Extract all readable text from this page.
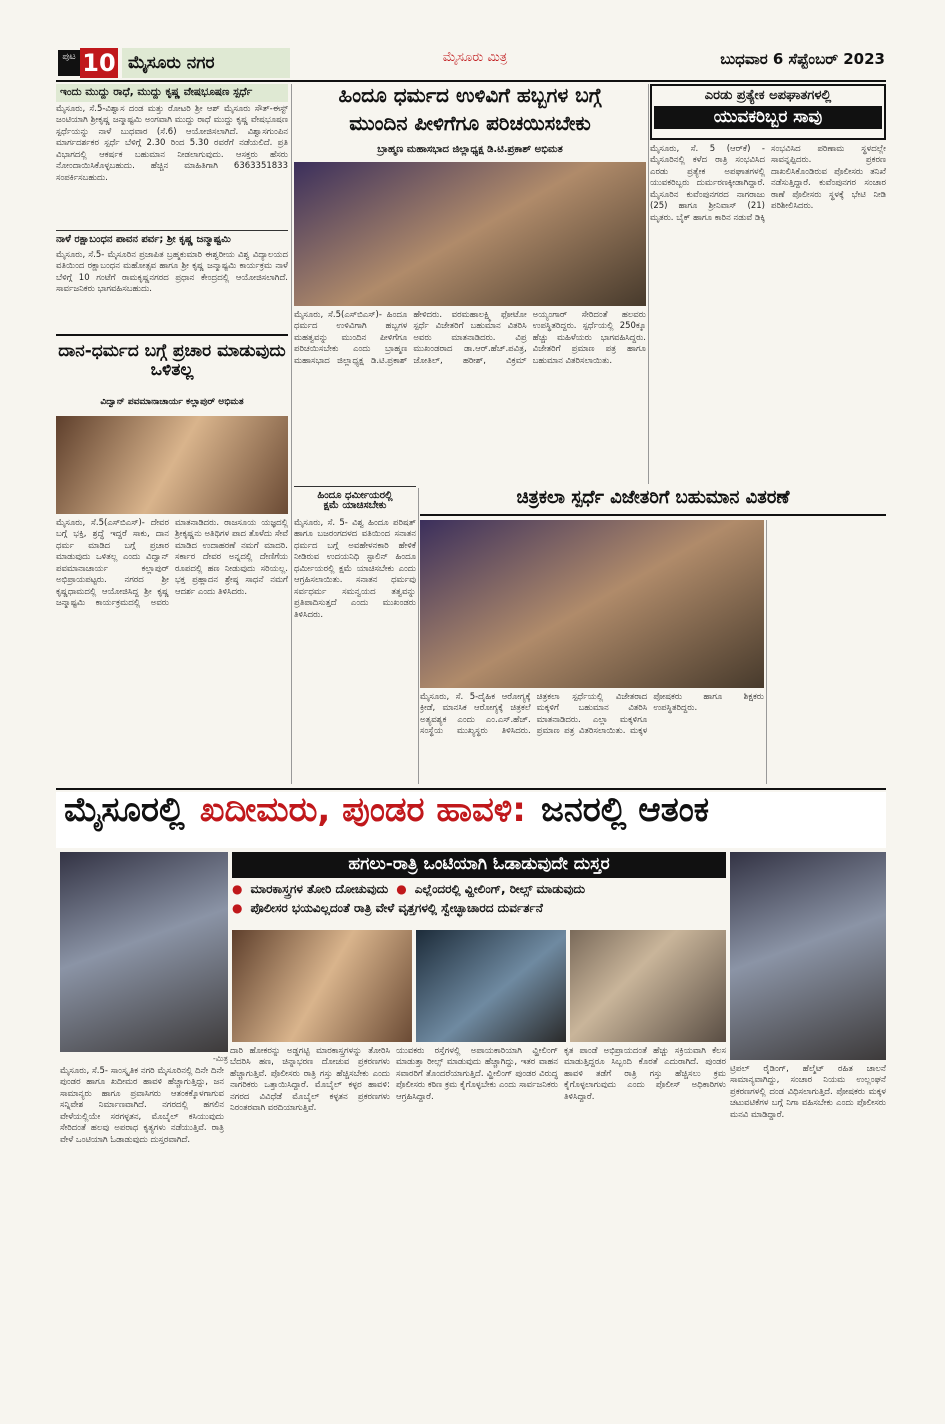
ಪುಟ 10 ಮೈಸೂರು ನಗರ	ಮೈಸೂರು ಮಿತ್ರ	ಬುಧವಾರ 6 ಸೆಪ್ಟೆಂಬರ್ 2023
ಇಂದು ಮುದ್ದು ರಾಧೆ, ಮುದ್ದು ಕೃಷ್ಣ ವೇಷಭೂಷಣ ಸ್ಪರ್ಧೆ
ಮೈಸೂರು, ಸೆ.5-ವಿಶ್ವಾಸ ದಂಡ ಮತ್ತು ರೋಟರಿ ಶ್ರೀ ಆಶ್ ಮೈಸೂರು ಸೌತ್-ಈಸ್ಟ್ ಜಂಟಿಯಾಗಿ ಶ್ರೀಕೃಷ್ಣ ಜನ್ಮಾಷ್ಟಮಿ ಅಂಗವಾಗಿ ಮುದ್ದು ರಾಧೆ ಮುದ್ದು ಕೃಷ್ಣ ವೇಷಭೂಷಣ ಸ್ಪರ್ಧೆಯನ್ನು ನಾಳೆ ಬುಧವಾರ (ಸೆ.6) ಆಯೋಜಿಸಲಾಗಿದೆ. ವಿಶ್ವಾಸಗುಂಪಿನ ಮಾರ್ಗದರ್ಶಕರ ಸ್ಪರ್ಧೆ ಬೆಳಿಗ್ಗೆ 2.30 ರಿಂದ 5.30 ರವರೆಗೆ ನಡೆಯಲಿದೆ. ಪ್ರತಿ ವಿಭಾಗದಲ್ಲಿ ಆಕರ್ಷಕ ಬಹುಮಾನ ನೀಡಲಾಗುವುದು. ಆಸಕ್ತರು ಹೆಸರು ನೋಂದಾಯಿಸಿಕೊಳ್ಳಬಹುದು. ಹೆಚ್ಚಿನ ಮಾಹಿತಿಗಾಗಿ 6363351833 ಸಂಪರ್ಕಿಸಬಹುದು.
ನಾಳೆ ರಕ್ಷಾಬಂಧನ ಪಾವನ ಪರ್ವ; ಶ್ರೀ ಕೃಷ್ಣ ಜನ್ಮಾಷ್ಟಮಿ
ಮೈಸೂರು, ಸೆ.5- ಮೈಸೂರಿನ ಪ್ರಜಾಪಿತ ಬ್ರಹ್ಮಕುಮಾರಿ ಈಶ್ವರೀಯ ವಿಶ್ವ ವಿದ್ಯಾಲಯದ ವತಿಯಿಂದ ರಕ್ಷಾಬಂಧನ ಮಹೋತ್ಸವ ಹಾಗೂ ಶ್ರೀ ಕೃಷ್ಣ ಜನ್ಮಾಷ್ಟಮಿ ಕಾರ್ಯಕ್ರಮ ನಾಳೆ ಬೆಳಿಗ್ಗೆ 10 ಗಂಟೆಗೆ ರಾಮಕೃಷ್ಣನಗರದ ಪ್ರಧಾನ ಕೇಂದ್ರದಲ್ಲಿ ಆಯೋಜಿಸಲಾಗಿದೆ. ಸಾರ್ವಜನಿಕರು ಭಾಗವಹಿಸಬಹುದು.
ದಾನ-ಧರ್ಮದ ಬಗ್ಗೆ ಪ್ರಚಾರ ಮಾಡುವುದು ಒಳಿತಲ್ಲ
ವಿದ್ವಾನ್ ಪವಮಾನಾಚಾರ್ಯ ಕಲ್ಲಾಪುರ್ ಅಭಿಮತ
ಮೈಸೂರು, ಸೆ.5(ಎಸ್‌ಬಿಎಸ್)- ದೇವರ ಬಗ್ಗೆ ಭಕ್ತಿ, ಶ್ರದ್ಧೆ ಇದ್ದರೆ ಸಾಕು, ದಾನ ಧರ್ಮ ಮಾಡಿದ ಬಗ್ಗೆ ಪ್ರಚಾರ ಮಾಡುವುದು ಒಳಿತಲ್ಲ ಎಂದು ವಿದ್ವಾನ್ ಪವಮಾನಾಚಾರ್ಯ ಕಲ್ಲಾಪುರ್ ಅಭಿಪ್ರಾಯಪಟ್ಟರು. ನಗರದ ಶ್ರೀ ಕೃಷ್ಣಧಾಮದಲ್ಲಿ ಆಯೋಜಿಸಿದ್ದ ಶ್ರೀ ಕೃಷ್ಣ ಜನ್ಮಾಷ್ಟಮಿ ಕಾರ್ಯಕ್ರಮದಲ್ಲಿ ಅವರು ಮಾತನಾಡಿದರು. ರಾಜಸೂಯ ಯಜ್ಞದಲ್ಲಿ ಶ್ರೀಕೃಷ್ಣನು ಅತಿಥಿಗಳ ಪಾದ ತೊಳೆದು ಸೇವೆ ಮಾಡಿದ ಉದಾಹರಣೆ ನಮಗೆ ಮಾದರಿ. ಸರ್ಕಾರ ದೇವರ ಅನ್ನದಲ್ಲಿ ದೇಣಿಗೆಯ ರೂಪದಲ್ಲಿ ಹಣ ನೀಡುವುದು ಸರಿಯಲ್ಲ. ಭಕ್ತ ಪ್ರಹ್ಲಾದನ ಶ್ರೇಷ್ಠ ಸಾಧನೆ ನಮಗೆ ಆದರ್ಶ ಎಂದು ತಿಳಿಸಿದರು.
ಹಿಂದೂ ಧರ್ಮದ ಉಳಿವಿಗೆ ಹಬ್ಬಗಳ ಬಗ್ಗೆ
ಮುಂದಿನ ಪೀಳಿಗೆಗೂ ಪರಿಚಯಿಸಬೇಕು
ಬ್ರಾಹ್ಮಣ ಮಹಾಸಭಾದ ಜಿಲ್ಲಾಧ್ಯಕ್ಷ ಡಿ.ಟಿ.ಪ್ರಕಾಶ್ ಅಭಿಮತ
ಮೈಸೂರು, ಸೆ.5(ಎಸ್‌ಬಿಎಸ್)- ಹಿಂದೂ ಧರ್ಮದ ಉಳಿವಿಗಾಗಿ ಹಬ್ಬಗಳ ಮಹತ್ವವನ್ನು ಮುಂದಿನ ಪೀಳಿಗೆಗೂ ಪರಿಚಯಿಸಬೇಕು ಎಂದು ಬ್ರಾಹ್ಮಣ ಮಹಾಸಭಾದ ಜಿಲ್ಲಾಧ್ಯಕ್ಷ ಡಿ.ಟಿ.ಪ್ರಕಾಶ್ ಹೇಳಿದರು. ವರಮಹಾಲಕ್ಷ್ಮಿ ಫೋಟೋ ಸ್ಪರ್ಧೆ ವಿಜೇತರಿಗೆ ಬಹುಮಾನ ವಿತರಿಸಿ ಅವರು ಮಾತನಾಡಿದರು. ವಿಪ್ರ ಮುಖಂಡರಾದ ಡಾ.ಆರ್.ಹೆಚ್.ಪವಿತ್ರ, ಜೋತಿಲ್, ಹರೀಶ್, ವಿಕ್ರಮ್ ಅಯ್ಯಂಗಾರ್ ಸೇರಿದಂತೆ ಹಲವರು ಉಪಸ್ಥಿತರಿದ್ದರು. ಸ್ಪರ್ಧೆಯಲ್ಲಿ 250ಕ್ಕೂ ಹೆಚ್ಚು ಮಹಿಳೆಯರು ಭಾಗವಹಿಸಿದ್ದರು. ವಿಜೇತರಿಗೆ ಪ್ರಮಾಣ ಪತ್ರ ಹಾಗೂ ಬಹುಮಾನ ವಿತರಿಸಲಾಯಿತು.
ಎರಡು ಪ್ರತ್ಯೇಕ ಅಪಘಾತಗಳಲ್ಲಿ
ಯುವಕರಿಬ್ಬರ ಸಾವು
ಮೈಸೂರು, ಸೆ. 5 (ಆರ್‌ಕೆ) - ಮೈಸೂರಿನಲ್ಲಿ ಕಳೆದ ರಾತ್ರಿ ಸಂಭವಿಸಿದ ಎರಡು ಪ್ರತ್ಯೇಕ ಅಪಘಾತಗಳಲ್ಲಿ ಯುವಕರಿಬ್ಬರು ದುರ್ಮರಣಕ್ಕೀಡಾಗಿದ್ದಾರೆ. ಮೈಸೂರಿನ ಕುವೆಂಪುನಗರದ ನಾಗರಾಜು (25) ಹಾಗೂ ಶ್ರೀನಿವಾಸ್ (21) ಮೃತರು. ಬೈಕ್ ಹಾಗೂ ಕಾರಿನ ನಡುವೆ ಡಿಕ್ಕಿ ಸಂಭವಿಸಿದ ಪರಿಣಾಮ ಸ್ಥಳದಲ್ಲೇ ಸಾವನ್ನಪ್ಪಿದರು. ಪ್ರಕರಣ ದಾಖಲಿಸಿಕೊಂಡಿರುವ ಪೊಲೀಸರು ತನಿಖೆ ನಡೆಸುತ್ತಿದ್ದಾರೆ. ಕುವೆಂಪುನಗರ ಸಂಚಾರ ಠಾಣೆ ಪೊಲೀಸರು ಸ್ಥಳಕ್ಕೆ ಭೇಟಿ ನೀಡಿ ಪರಿಶೀಲಿಸಿದರು.
ಹಿಂದೂ ಧರ್ಮೀಯರಲ್ಲಿ
ಕ್ಷಮೆ ಯಾಚಿಸಬೇಕು
ಮೈಸೂರು, ಸೆ. 5- ವಿಶ್ವ ಹಿಂದೂ ಪರಿಷತ್ ಹಾಗೂ ಬಜರಂಗದಳದ ವತಿಯಿಂದ ಸನಾತನ ಧರ್ಮದ ಬಗ್ಗೆ ಅವಹೇಳನಕಾರಿ ಹೇಳಿಕೆ ನೀಡಿರುವ ಉದಯನಿಧಿ ಸ್ಟಾಲಿನ್ ಹಿಂದೂ ಧರ್ಮೀಯರಲ್ಲಿ ಕ್ಷಮೆ ಯಾಚಿಸಬೇಕು ಎಂದು ಆಗ್ರಹಿಸಲಾಯಿತು. ಸನಾತನ ಧರ್ಮವು ಸರ್ವಧರ್ಮ ಸಮನ್ವಯದ ತತ್ವವನ್ನು ಪ್ರತಿಪಾದಿಸುತ್ತದೆ ಎಂದು ಮುಖಂಡರು ತಿಳಿಸಿದರು.
ಚಿತ್ರಕಲಾ ಸ್ಪರ್ಧೆ ವಿಜೇತರಿಗೆ ಬಹುಮಾನ ವಿತರಣೆ
ಮೈಸೂರು, ಸೆ. 5-ದೈಹಿಕ ಆರೋಗ್ಯಕ್ಕೆ ಕ್ರೀಡೆ, ಮಾನಸಿಕ ಆರೋಗ್ಯಕ್ಕೆ ಚಿತ್ರಕಲೆ ಅತ್ಯವಶ್ಯಕ ಎಂದು ಎಂ.ಎಸ್.ಹೆಚ್. ಸಂಸ್ಥೆಯ ಮುಖ್ಯಸ್ಥರು ತಿಳಿಸಿದರು. ಚಿತ್ರಕಲಾ ಸ್ಪರ್ಧೆಯಲ್ಲಿ ವಿಜೇತರಾದ ಮಕ್ಕಳಿಗೆ ಬಹುಮಾನ ವಿತರಿಸಿ ಮಾತನಾಡಿದರು. ಎಲ್ಲಾ ಮಕ್ಕಳಿಗೂ ಪ್ರಮಾಣ ಪತ್ರ ವಿತರಿಸಲಾಯಿತು. ಮಕ್ಕಳ ಪೋಷಕರು ಹಾಗೂ ಶಿಕ್ಷಕರು ಉಪಸ್ಥಿತರಿದ್ದರು.
ಮೈಸೂರಲ್ಲಿ ಖದೀಮರು, ಪುಂಡರ ಹಾವಳಿ: ಜನರಲ್ಲಿ ಆತಂಕ
ಹಗಲು-ರಾತ್ರಿ ಒಂಟಿಯಾಗಿ ಓಡಾಡುವುದೇ ದುಸ್ತರ
● ಮಾರಕಾಸ್ತ್ರಗಳ ತೋರಿ ದೋಚುವುದು ● ಎಲ್ಲೆಂದರಲ್ಲಿ ವ್ಹೀಲಿಂಗ್, ರೀಲ್ಸ್ ಮಾಡುವುದು
● ಪೊಲೀಸರ ಭಯವಿಲ್ಲದಂತೆ ರಾತ್ರಿ ವೇಳೆ ವೃತ್ತಗಳಲ್ಲಿ ಸ್ವೇಚ್ಛಾಚಾರದ ದುರ್ವರ್ತನೆ
-ಮಿತ್ರ
ಮೈಸೂರು, ಸೆ.5- ಸಾಂಸ್ಕೃತಿಕ ನಗರಿ ಮೈಸೂರಿನಲ್ಲಿ ದಿನೇ ದಿನೇ ಪುಂಡರ ಹಾಗೂ ಖದೀಮರ ಹಾವಳಿ ಹೆಚ್ಚಾಗುತ್ತಿದ್ದು, ಜನ ಸಾಮಾನ್ಯರು ಹಾಗೂ ಪ್ರವಾಸಿಗರು ಆತಂಕಕ್ಕೊಳಗಾಗುವ ಸನ್ನಿವೇಶ ನಿರ್ಮಾಣವಾಗಿದೆ. ನಗರದಲ್ಲಿ ಹಗಲಿನ ವೇಳೆಯಲ್ಲಿಯೇ ಸರಗಳ್ಳತನ, ಮೊಬೈಲ್ ಕಸಿಯುವುದು ಸೇರಿದಂತೆ ಹಲವು ಅಪರಾಧ ಕೃತ್ಯಗಳು ನಡೆಯುತ್ತಿವೆ. ರಾತ್ರಿ ವೇಳೆ ಒಂಟಿಯಾಗಿ ಓಡಾಡುವುದು ದುಸ್ತರವಾಗಿದೆ.
ದಾರಿ ಹೋಕರನ್ನು ಅಡ್ಡಗಟ್ಟಿ ಮಾರಕಾಸ್ತ್ರಗಳನ್ನು ತೋರಿಸಿ ಬೆದರಿಸಿ ಹಣ, ಚಿನ್ನಾಭರಣ ದೋಚುವ ಪ್ರಕರಣಗಳು ಹೆಚ್ಚಾಗುತ್ತಿವೆ. ಪೊಲೀಸರು ರಾತ್ರಿ ಗಸ್ತು ಹೆಚ್ಚಿಸಬೇಕು ಎಂದು ನಾಗರಿಕರು ಒತ್ತಾಯಿಸಿದ್ದಾರೆ. ಮೊಬೈಲ್ ಕಳ್ಳರ ಹಾವಳಿ: ನಗರದ ವಿವಿಧೆಡೆ ಮೊಬೈಲ್ ಕಳ್ಳತನ ಪ್ರಕರಣಗಳು ನಿರಂತರವಾಗಿ ವರದಿಯಾಗುತ್ತಿವೆ.
ಯುವಕರು ರಸ್ತೆಗಳಲ್ಲಿ ಅಪಾಯಕಾರಿಯಾಗಿ ವ್ಹೀಲಿಂಗ್ ಮಾಡುತ್ತಾ ರೀಲ್ಸ್ ಮಾಡುವುದು ಹೆಚ್ಚಾಗಿದ್ದು, ಇತರ ವಾಹನ ಸವಾರರಿಗೆ ತೊಂದರೆಯಾಗುತ್ತಿದೆ. ವ್ಹೀಲಿಂಗ್ ಪುಂಡರ ವಿರುದ್ಧ ಪೊಲೀಸರು ಕಠಿಣ ಕ್ರಮ ಕೈಗೊಳ್ಳಬೇಕು ಎಂದು ಸಾರ್ವಜನಿಕರು ಆಗ್ರಹಿಸಿದ್ದಾರೆ.
ಕೃತ ಪಾಂಡೆ ಅಭಿಪ್ರಾಯದಂತೆ ಹೆಚ್ಚು ಸಕ್ರಿಯವಾಗಿ ಕೆಲಸ ಮಾಡುತ್ತಿದ್ದರೂ ಸಿಬ್ಬಂದಿ ಕೊರತೆ ಎದುರಾಗಿದೆ. ಪುಂಡರ ಹಾವಳಿ ತಡೆಗೆ ರಾತ್ರಿ ಗಸ್ತು ಹೆಚ್ಚಿಸಲು ಕ್ರಮ ಕೈಗೊಳ್ಳಲಾಗುವುದು ಎಂದು ಪೊಲೀಸ್ ಅಧಿಕಾರಿಗಳು ತಿಳಿಸಿದ್ದಾರೆ.
ಟ್ರಿಪಲ್ ರೈಡಿಂಗ್, ಹೆಲ್ಮೆಟ್ ರಹಿತ ಚಾಲನೆ ಸಾಮಾನ್ಯವಾಗಿದ್ದು, ಸಂಚಾರ ನಿಯಮ ಉಲ್ಲಂಘನೆ ಪ್ರಕರಣಗಳಲ್ಲಿ ದಂಡ ವಿಧಿಸಲಾಗುತ್ತಿದೆ. ಪೋಷಕರು ಮಕ್ಕಳ ಚಟುವಟಿಕೆಗಳ ಬಗ್ಗೆ ನಿಗಾ ವಹಿಸಬೇಕು ಎಂದು ಪೊಲೀಸರು ಮನವಿ ಮಾಡಿದ್ದಾರೆ.
